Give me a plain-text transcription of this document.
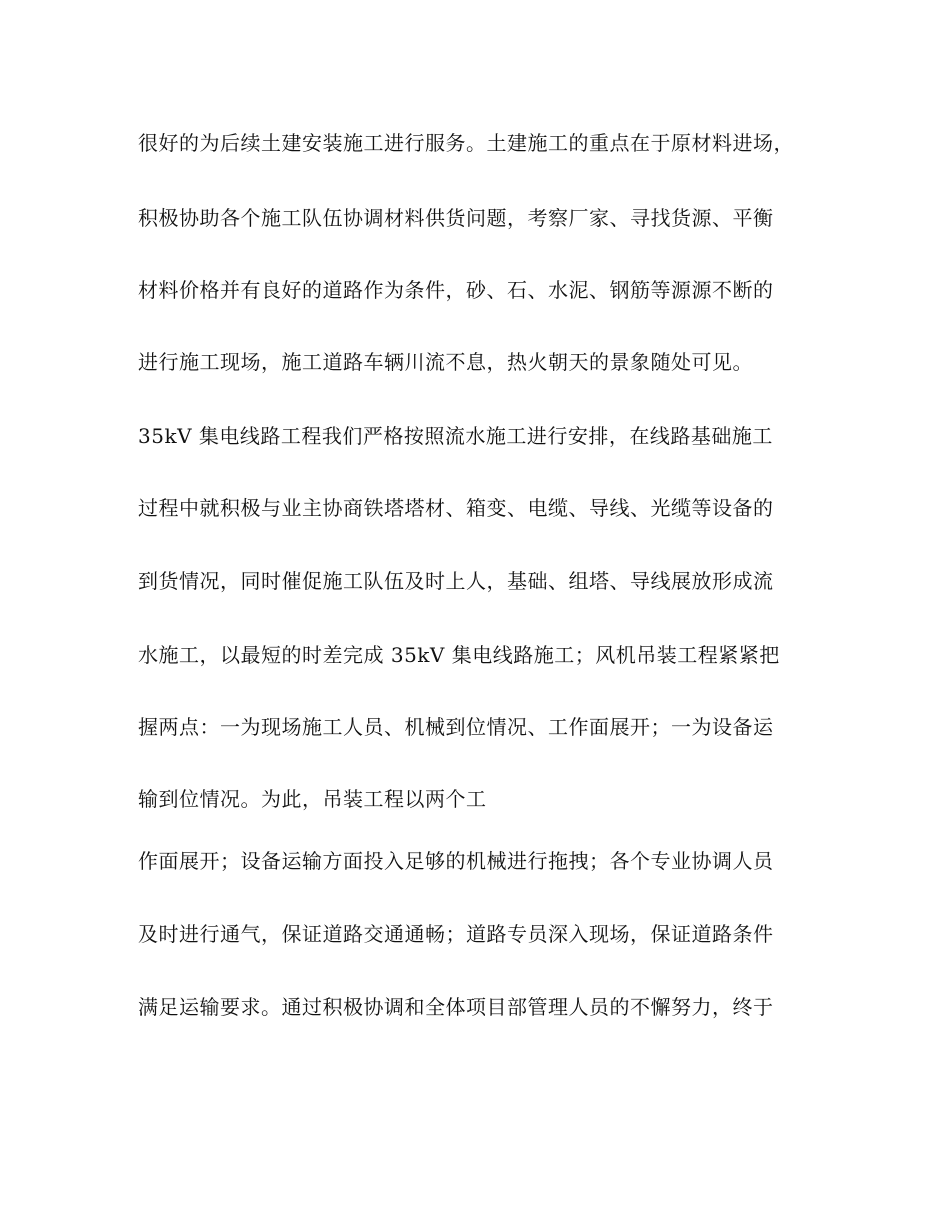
很好的为后续土建安装施工进行服务。土建施工的重点在于原材料进场，
积极协助各个施工队伍协调材料供货问题，考察厂家、寻找货源、平衡
材料价格并有良好的道路作为条件，砂、石、水泥、钢筋等源源不断的
进行施工现场，施工道路车辆川流不息，热火朝天的景象随处可见。
35kV 集电线路工程我们严格按照流水施工进行安排，在线路基础施工
过程中就积极与业主协商铁塔塔材、箱变、电缆、导线、光缆等设备的
到货情况，同时催促施工队伍及时上人，基础、组塔、导线展放形成流
水施工，以最短的时差完成 35kV 集电线路施工；风机吊装工程紧紧把
握两点：一为现场施工人员、机械到位情况、工作面展开；一为设备运
输到位情况。为此，吊装工程以两个工
作面展开；设备运输方面投入足够的机械进行拖拽；各个专业协调人员
及时进行通气，保证道路交通通畅；道路专员深入现场，保证道路条件
满足运输要求。通过积极协调和全体项目部管理人员的不懈努力，终于
